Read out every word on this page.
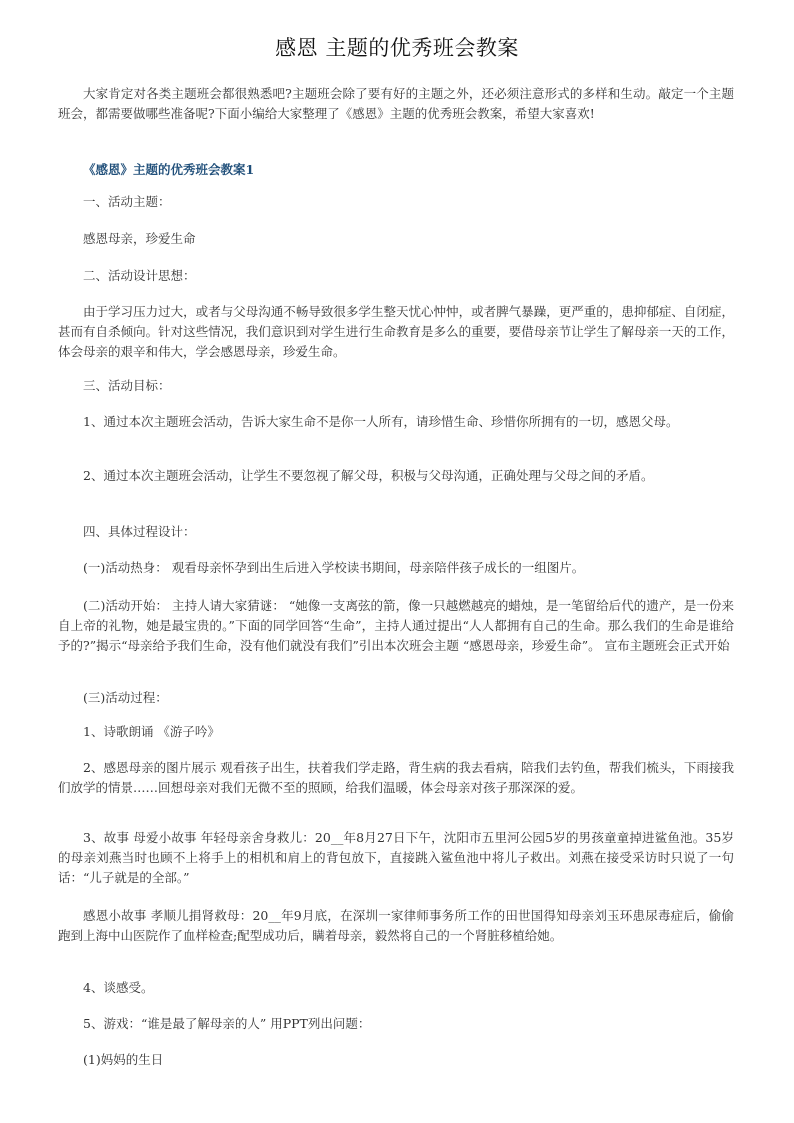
感恩 主题的优秀班会教案

大家肯定对各类主题班会都很熟悉吧?主题班会除了要有好的主题之外，还必须注意形式的多样和生动。敲定一个主题班会，都需要做哪些准备呢?下面小编给大家整理了《感恩》主题的优秀班会教案，希望大家喜欢!

《感恩》主题的优秀班会教案1

一、活动主题：

感恩母亲，珍爱生命

二、活动设计思想：

由于学习压力过大，或者与父母沟通不畅导致很多学生整天忧心忡忡，或者脾气暴躁，更严重的，患抑郁症、自闭症，甚而有自杀倾向。针对这些情况，我们意识到对学生进行生命教育是多么的重要，要借母亲节让学生了解母亲一天的工作，体会母亲的艰辛和伟大，学会感恩母亲，珍爱生命。

三、活动目标：

1、通过本次主题班会活动，告诉大家生命不是你一人所有，请珍惜生命、珍惜你所拥有的一切，感恩父母。

2、通过本次主题班会活动，让学生不要忽视了解父母，积极与父母沟通，正确处理与父母之间的矛盾。

四、具体过程设计：

(一)活动热身： 观看母亲怀孕到出生后进入学校读书期间，母亲陪伴孩子成长的一组图片。

(二)活动开始： 主持人请大家猜谜： “她像一支离弦的箭，像一只越燃越亮的蜡烛，是一笔留给后代的遗产，是一份来自上帝的礼物，她是最宝贵的。”下面的同学回答“生命”，主持人通过提出“人人都拥有自己的生命。那么我们的生命是谁给予的?”揭示“母亲给予我们生命，没有他们就没有我们”引出本次班会主题 “感恩母亲，珍爱生命”。 宣布主题班会正式开始

(三)活动过程：

1、诗歌朗诵 《游子吟》

2、感恩母亲的图片展示 观看孩子出生，扶着我们学走路，背生病的我去看病，陪我们去钓鱼，帮我们梳头，下雨接我们放学的情景……回想母亲对我们无微不至的照顾，给我们温暖，体会母亲对孩子那深深的爱。

3、故事 母爱小故事 年轻母亲舍身救儿：20__年8月27日下午，沈阳市五里河公园5岁的男孩童童掉进鲨鱼池。35岁的母亲刘燕当时也顾不上将手上的相机和肩上的背包放下，直接跳入鲨鱼池中将儿子救出。刘燕在接受采访时只说了一句话：“儿子就是的全部。”

感恩小故事 孝顺儿捐肾救母：20__年9月底，在深圳一家律师事务所工作的田世国得知母亲刘玉环患尿毒症后，偷偷跑到上海中山医院作了血样检查;配型成功后，瞒着母亲，毅然将自己的一个肾脏移植给她。

4、谈感受。

5、游戏：“谁是最了解母亲的人” 用PPT列出问题：

(1)妈妈的生日
